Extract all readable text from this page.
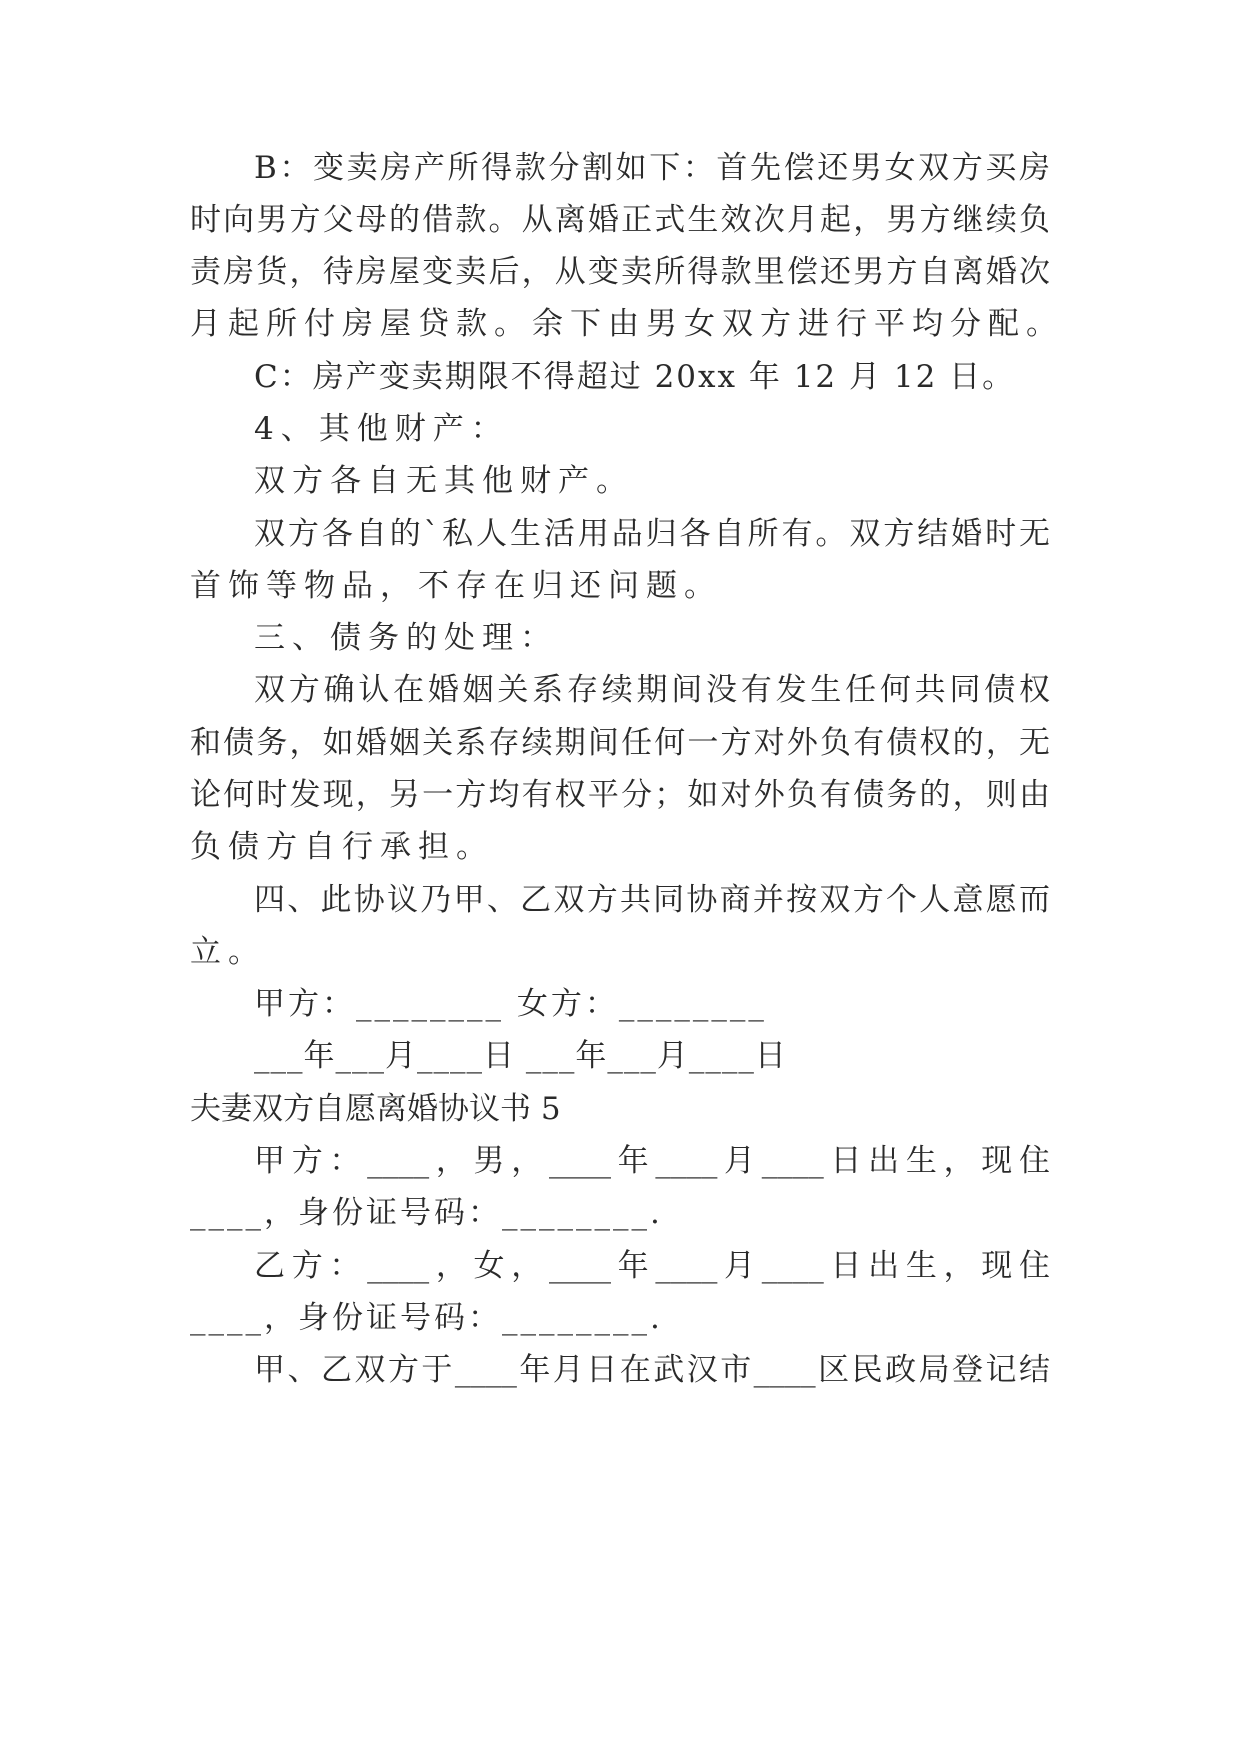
B：变卖房产所得款分割如下：首先偿还男女双方买房
时向男方父母的借款。从离婚正式生效次月起，男方继续负
责房货，待房屋变卖后，从变卖所得款里偿还男方自离婚次
月起所付房屋贷款。余下由男女双方进行平均分配。
C：房产变卖期限不得超过 20xx 年 12 月 12 日。
4、其他财产：
双方各自无其他财产。
双方各自的`私人生活用品归各自所有。双方结婚时无
首饰等物品，不存在归还问题。
三、债务的处理：
双方确认在婚姻关系存续期间没有发生任何共同债权
和债务，如婚姻关系存续期间任何一方对外负有债权的，无
论何时发现，另一方均有权平分；如对外负有债务的，则由
负债方自行承担。
四、此协议乃甲、乙双方共同协商并按双方个人意愿而
立。
甲方：________ 女方：________
___年___月____日 ___年___月____日
夫妻双方自愿离婚协议书 5
甲方：____，男，____年____月____日出生，现住
____，身份证号码：________.
乙方：____，女，____年____月____日出生，现住
____，身份证号码：________.
甲、乙双方于____年月日在武汉市____区民政局登记结
